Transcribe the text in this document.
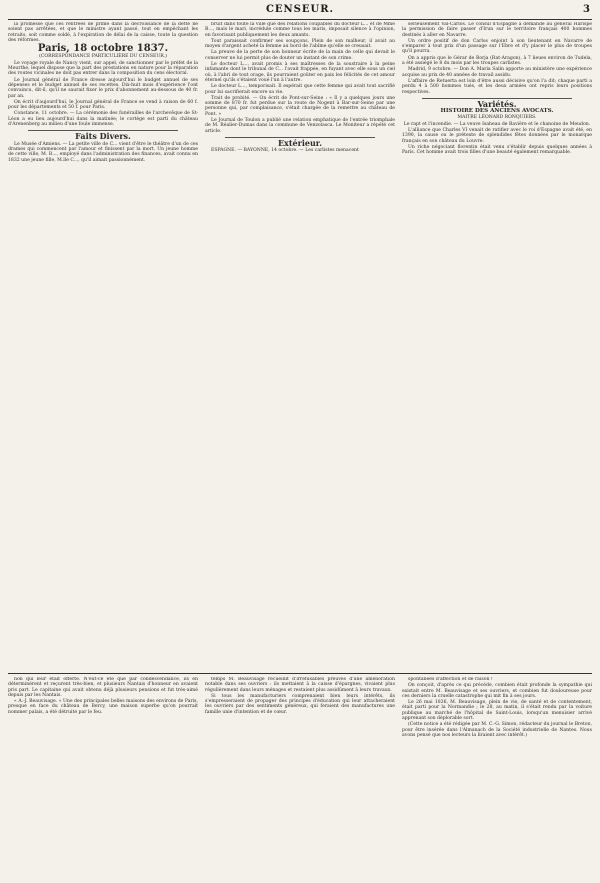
CENSEUR.	3

la promesse que ces rentrées de prime dans la décroissance de la dette ne soient pas arrêtées, et que le ministre ayant passé, tout en empêchant les retraits, soit comme soldé, à l'expiration de délai de la caisse, toute la question des réformes.

Paris, 18 octobre 1837.
(CORRESPONDANCE PARTICULIÈRE DU CENSEUR.)

Le voyage royale de Nancy vient, sur appel, de sanctionner par le préfet de la Meurthe, lequel dispose que la part des prestations en nature pour la réparation des routes vicinales ne doit pas entrer dans la composition du cens électoral.

Le Journal général de France dresse aujourd'hui le budget annuel de ses dépenses et le budget annuel de ses recettes. Dix-huit mois d'expérience l'ont convaincu, dit-il, qu'il ne saurait fixer le prix d'abonnement au-dessous de 40 fr. par an.

On écrit d'aujourd'hui, le Journal général de France se vend à raison de 60 f. pour les départements et 50 f. pour Paris.

Constance, 11 octobre. — La cérémonie des funérailles de l'archevêque de St-Léon a eu lieu aujourd'hui dans la matinée; le cortège est parti du château d'Arenenberg au milieu d'une foule immense.

Faits Divers.

Le Musée d'Amiens. — La petite ville de C... vient d'être le théâtre d'un de ces drames qui commencent par l'amour et finissent par la mort. Un jeune homme de cette ville, M. B..., employé dans l'administration des finances, avait connu en 1832 une jeune fille, M.lle C..., qu'il aimait passionnément.

bruit dans toute la ville que des relations coupables du docteur L... et de Mme B..., mais le mari, incrédule comme tous les maris, imposait silence à l'opinion, en favorisant publiquement les deux amants.

Tout paraissait confirmer ses soupçons. Plein de son malheur, il avait au moyen d'argent acheté la femme au bord de l'abîme qu'elle se creusait.

La preuve de la perte de son honneur écrite de la main de celle qui devait le conserver ne lui permit plus de douter un instant de son crime.

Le docteur L..., avait promis à ses maîtresses de la soustraire à la peine infamante dont le tribunal de C... l'avait frappée, en fuyant avec elle sous un ciel où, à l'abri de tout orage, ils pourraient goûter en paix les félicités de cet amour éternel qu'ils s'étaient voué l'un à l'autre.

Le docteur L..., temporisait. Il espérait que cette femme qui avait tout sacrifié pour lui sacrifierait encore sa vie.

Trait de probité. — On écrit de Pont-sur-Seine : « Il y a quelques jours une somme de 870 fr. fut perdue sur la route de Nogent à Bar-sur-Seine par une personne qui, par complaisance, s'était chargée de la remettre au château de Pont. »

Le Journal de Toulon a publié une relation emphatique de l'entrée triomphale de M. Réalier-Dumas dans la commune de Venzolasca. Le Moniteur a répété cet article.

Extérieur.

ESPAGNE. — BAYONNE, 14 octobre. — Les carlistes menacent

sérieusement Val-Carlos. Le consul d'Espagne a demandé au général Harispe la permission de faire passer d'Irun sur le territoire français 400 hommes destinés à aller en Navarre.

Un ordre positif de don Carlos enjoint à son lieutenant en Navarre de s'emparer à tout prix d'un passage sur l'Ebre et d'y placer le plus de troupes qu'il pourra.

On a appris que le Gérar de Borja (Rat-Aragon), à 7 lieues environ de Tudela, a été assiégé le 8 du mois par les troupes carlistes.

Madrid, 9 octobre. — Don A. Maria Salin apporte au ministère une expérience acquise au prix de 40 années de travail assidu.

L'affaire de Retuerta est loin d'être aussi décisive qu'on l'a dit; chaque parti a perdu 4 à 500 hommes tués, et les deux armées ont repris leurs positions respectives.

Variétés.
HISTOIRE DES ANCIENS AVOCATS.
MAITRE LÉONARD RONQUIERS.
Le rapt et l'incendie. — La veuve Isaheau de Bavière et le chanoine de Meudon.

L'alliance que Charles VI venait de ratifier avec le roi d'Espagne avait été, en 1390, la cause ou le prétexte de splendides fêtes données par le monarque français en son château du Louvre.

Un riche négociant florentin était venu s'établir depuis quelques années à Paris. Cet homme avait trois filles d'une beauté également remarquable.

non qui leur était offerte. N'eût-ce été que par condescendance, ils en déterminèrent et reçurent très-bien, et plusieurs Nantais d'honneur en avaient pris part. Le capitaine qui avait obtenu déjà plusieurs pensions et fut très-aimé depuis par les Nantais.

« A.-J. Beauvisage. » Une des principales belles maisons des environs de Paris, presque en face du château de Bercy, une maison superbe qu'on pourrait nommer palais, a été détruite par le feu.

temps M. Beauvisage recueillit d'irréfusables preuves d'une amélioration notable dans ses ouvriers : ils mettaient à la caisse d'épargnes, vivaient plus régulièrement dans leurs ménages et restaient plus assidûment à leurs travaux.

Si tous les manufacturiers comprenaient bien leurs intérêts, ils s'empresseraient de propager des principes d'éducation qui leur attacheraient les ouvriers par des sentiments généreux, qui feraient des manufactures une famille unie d'intention et de cœur.

spontanées d'affection et de raison !

On conçoit, d'après ce qui précède, combien était profonde la sympathie qui existait entre M. Beauvisage et ses ouvriers, et combien fut douloureuse pour ces derniers la cruelle catastrophe qui mit fin à ses jours.

Le 26 mai 1836, M. Beauvisage, plein de vie, de santé et de contentement, était parti pour la Normandie ; le 28, au matin, il s'était rendu par la voiture publique au marché de l'hôpital de Saint-Louis, lorsqu'un menuisier arrivé apprenant son déplorable sort.

(Cette notice a été rédigée par M. C.-G. Simon, rédacteur du journal le Breton, pour être insérée dans l'Almanach de la Société industrielle de Nantes. Nous avons pensé que nos lecteurs la liraient avec intérêt.)
